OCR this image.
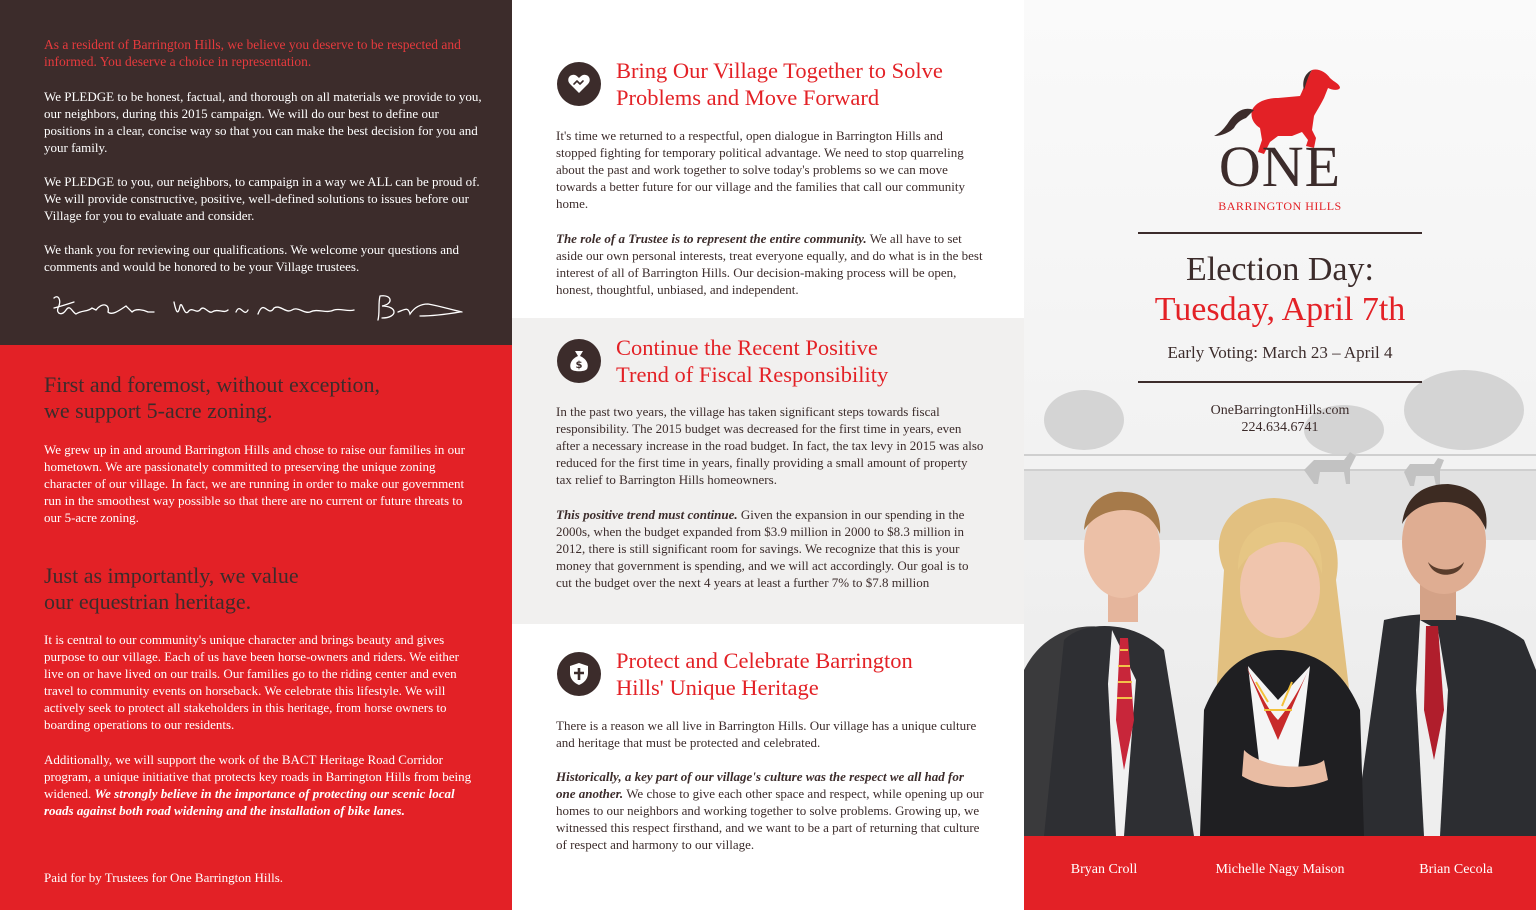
As a resident of Barrington Hills, we believe you deserve to be respected and informed. You deserve a choice in representation.
We PLEDGE to be honest, factual, and thorough on all materials we provide to you, our neighbors, during this 2015 campaign. We will do our best to define our positions in a clear, concise way so that you can make the best decision for you and your family.
We PLEDGE to you, our neighbors, to campaign in a way we ALL can be proud of. We will provide constructive, positive, well-defined solutions to issues before our Village for you to evaluate and consider.
We thank you for reviewing our qualifications. We welcome your questions and comments and would be honored to be your Village trustees.
First and foremost, without exception,
we support 5-acre zoning.
We grew up in and around Barrington Hills and chose to raise our families in our hometown. We are passionately committed to preserving the unique zoning character of our village. In fact, we are running in order to make our government run in the smoothest way possible so that there are no current or future threats to our 5-acre zoning.
Just as importantly, we value
our equestrian heritage.
It is central to our community's unique character and brings beauty and gives purpose to our village. Each of us have been horse-owners and riders. We either live on or have lived on our trails. Our families go to the riding center and even travel to community events on horseback. We celebrate this lifestyle. We will actively seek to protect all stakeholders in this heritage, from horse owners to boarding operations to our residents.
Additionally, we will support the work of the BACT Heritage Road Corridor program, a unique initiative that protects key roads in Barrington Hills from being widened. We strongly believe in the importance of protecting our scenic local roads against both road widening and the installation of bike lanes.
Paid for by Trustees for One Barrington Hills.
Bring Our Village Together to Solve
Problems and Move Forward
It's time we returned to a respectful, open dialogue in Barrington Hills and stopped fighting for temporary political advantage. We need to stop quarreling about the past and work together to solve today's problems so we can move towards a better future for our village and the families that call our community home.
The role of a Trustee is to represent the entire community. We all have to set aside our own personal interests, treat everyone equally, and do what is in the best interest of all of Barrington Hills. Our decision-making process will be open, honest, thoughtful, unbiased, and independent.
$
Continue the Recent Positive
Trend of Fiscal Responsibility
In the past two years, the village has taken significant steps towards fiscal responsibility. The 2015 budget was decreased for the first time in years, even after a necessary increase in the road budget. In fact, the tax levy in 2015 was also reduced for the first time in years, finally providing a small amount of property tax relief to Barrington Hills homeowners.
This positive trend must continue. Given the expansion in our spending in the 2000s, when the budget expanded from $3.9 million in 2000 to $8.3 million in 2012, there is still significant room for savings. We recognize that this is your money that government is spending, and we will act accordingly. Our goal is to cut the budget over the next 4 years at least a further 7% to $7.8 million
Protect and Celebrate Barrington
Hills' Unique Heritage
There is a reason we all live in Barrington Hills. Our village has a unique culture and heritage that must be protected and celebrated.
Historically, a key part of our village's culture was the respect we all had for one another. We chose to give each other space and respect, while opening up our homes to our neighbors and working together to solve problems. Growing up, we witnessed this respect firsthand, and we want to be a part of returning that culture of respect and harmony to our village.
ONE
BARRINGTON HILLS
Election Day:
Tuesday, April 7th
Early Voting: March 23 – April 4
OneBarringtonHills.com
224.634.6741
Bryan Croll	Michelle Nagy Maison	Brian Cecola
